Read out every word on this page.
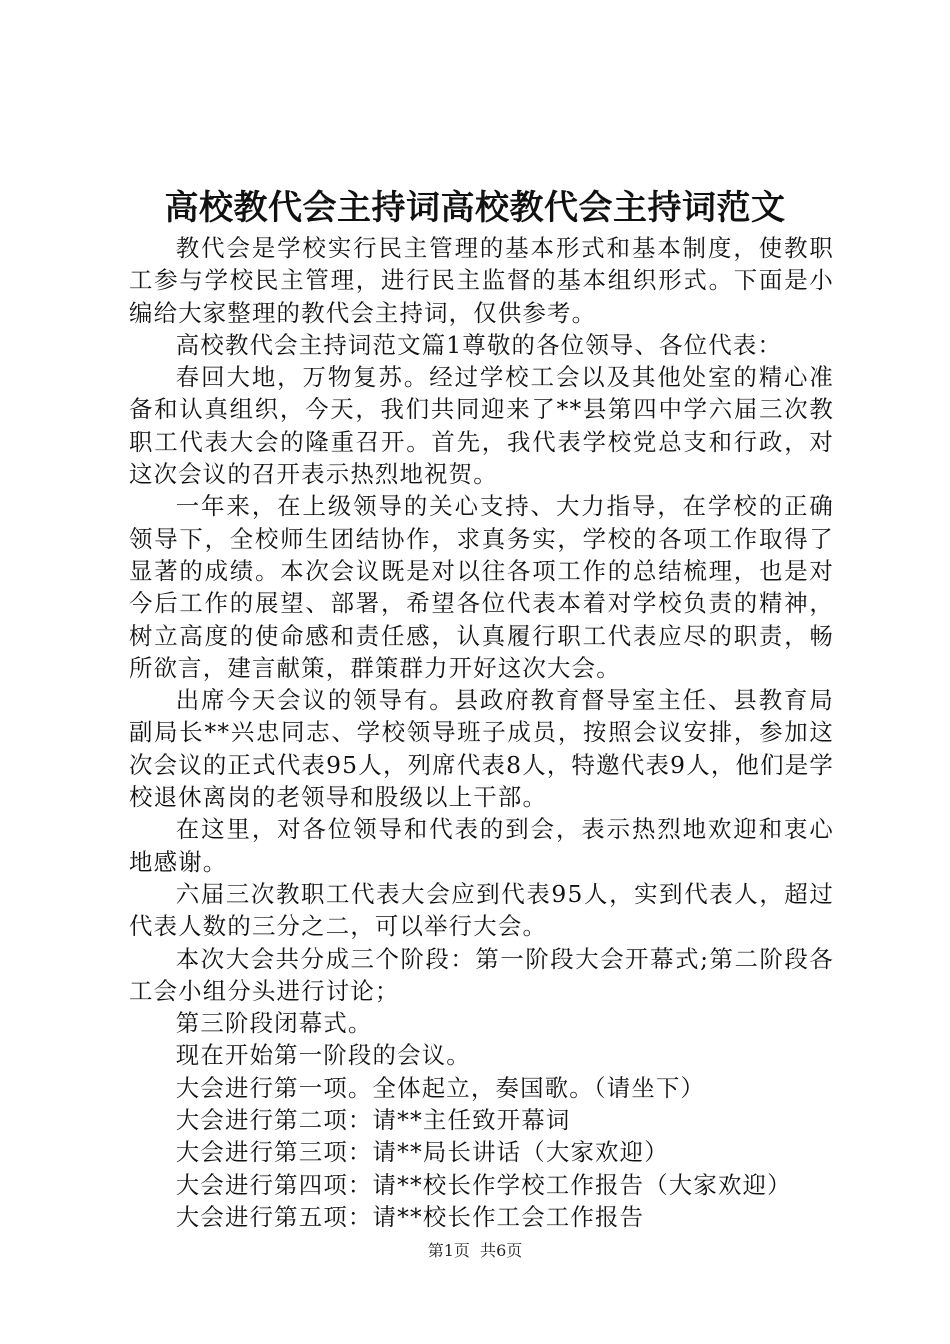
高校教代会主持词高校教代会主持词范文

教代会是学校实行民主管理的基本形式和基本制度，使教职工参与学校民主管理，进行民主监督的基本组织形式。下面是小编给大家整理的教代会主持词，仅供参考。

高校教代会主持词范文篇1尊敬的各位领导、各位代表：

春回大地，万物复苏。经过学校工会以及其他处室的精心准备和认真组织，今天，我们共同迎来了**县第四中学六届三次教职工代表大会的隆重召开。首先，我代表学校党总支和行政，对这次会议的召开表示热烈地祝贺。

一年来，在上级领导的关心支持、大力指导，在学校的正确领导下，全校师生团结协作，求真务实，学校的各项工作取得了显著的成绩。本次会议既是对以往各项工作的总结梳理，也是对今后工作的展望、部署，希望各位代表本着对学校负责的精神，树立高度的使命感和责任感，认真履行职工代表应尽的职责，畅所欲言，建言献策，群策群力开好这次大会。

出席今天会议的领导有。县政府教育督导室主任、县教育局副局长**兴忠同志、学校领导班子成员，按照会议安排，参加这次会议的正式代表95人，列席代表8人，特邀代表9人，他们是学校退休离岗的老领导和股级以上干部。

在这里，对各位领导和代表的到会，表示热烈地欢迎和衷心地感谢。

六届三次教职工代表大会应到代表95人，实到代表人，超过代表人数的三分之二，可以举行大会。

本次大会共分成三个阶段：第一阶段大会开幕式;第二阶段各工会小组分头进行讨论；

第三阶段闭幕式。

现在开始第一阶段的会议。

大会进行第一项。全体起立，奏国歌。（请坐下）

大会进行第二项：请**主任致开幕词

大会进行第三项：请**局长讲话（大家欢迎）

大会进行第四项：请**校长作学校工作报告（大家欢迎）

大会进行第五项：请**校长作工会工作报告

第1页 共6页
